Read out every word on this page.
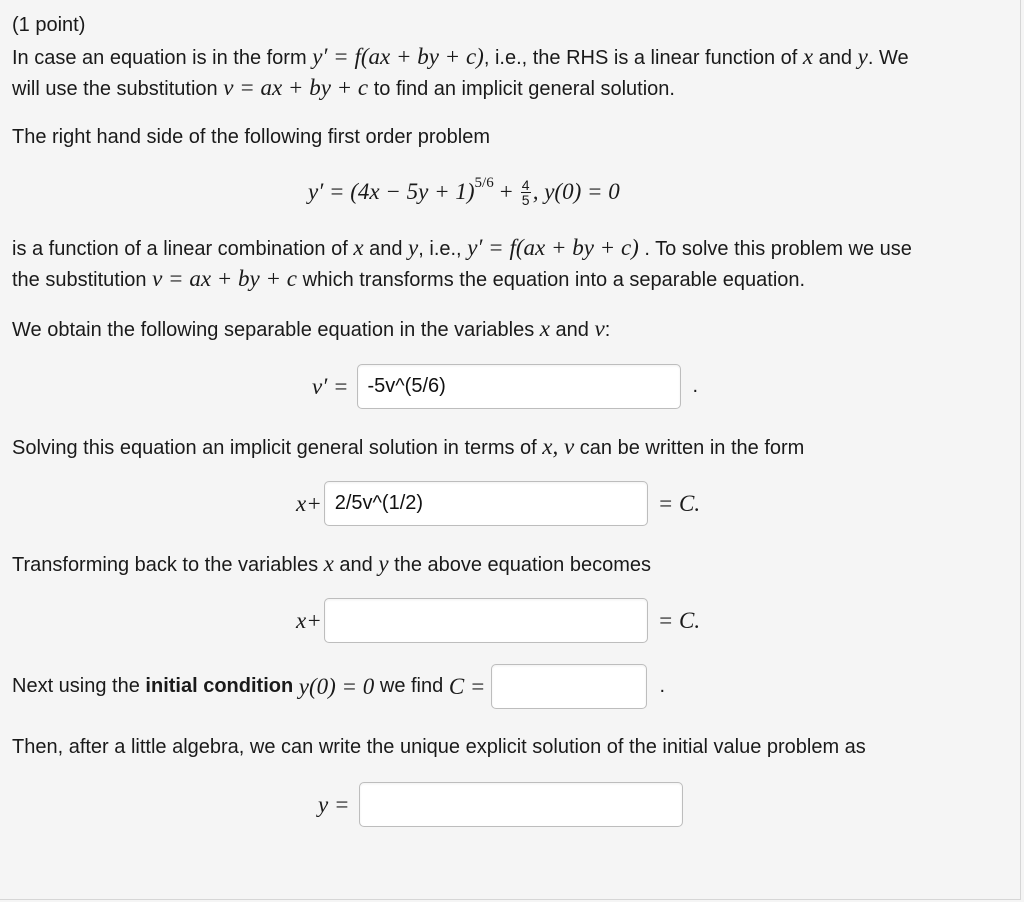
(1 point)
In case an equation is in the form y′ = f(ax + by + c), i.e., the RHS is a linear function of x and y. We
will use the substitution v = ax + by + c to find an implicit general solution.
The right hand side of the following first order problem
$y' = (4x - 5y + 1)^{5/6} + \frac{4}{5}$ , y(0) = 0
is a function of a linear combination of x and y, i.e., y′ = f(ax + by + c) . To solve this problem we use
the substitution v = ax + by + c which transforms the equation into a separable equation.
We obtain the following separable equation in the variables x and v:
v′ =
-5v^(5/6)	.
Solving this equation an implicit general solution in terms of x, v can be written in the form
x+
2/5v^(1/2)	= C.
Transforming back to the variables x and y the above equation becomes
x+	= C.
Next using the
initial condition
y(0) = 0
we find
C =	.
Then, after a little algebra, we can write the unique explicit solution of the initial value problem as
y =
